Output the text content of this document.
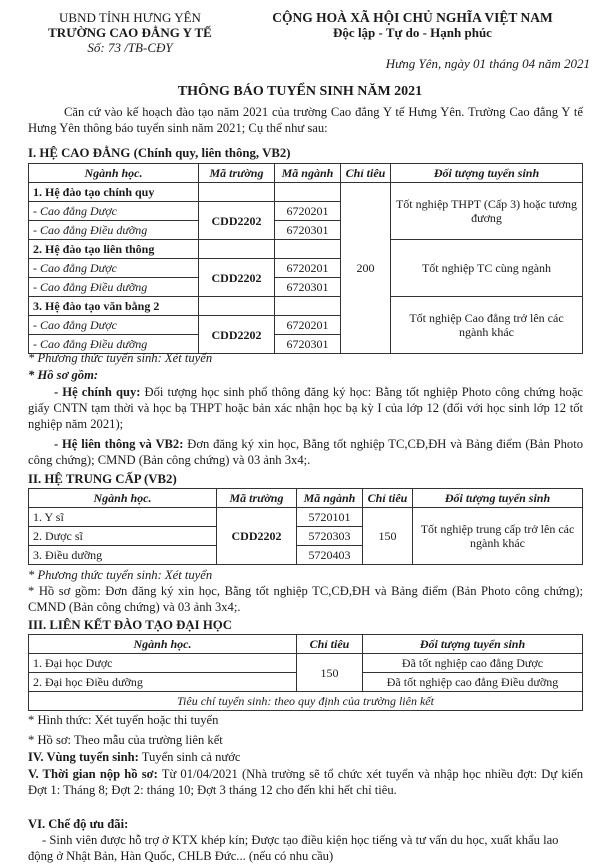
UBND TỈNH HƯNG YÊN
TRƯỜNG CAO ĐẲNG Y TẾ
Số: 73 /TB-CĐY
CỘNG HOÀ XÃ HỘI CHỦ NGHĨA VIỆT NAM
Độc lập - Tự do - Hạnh phúc
Hưng Yên, ngày 01 tháng 04 năm 2021
THÔNG BÁO TUYỂN SINH NĂM 2021
Căn cứ vào kế hoạch đào tạo năm 2021 của trường Cao đẳng Y tế Hưng Yên. Trường Cao đẳng Y tế Hưng Yên thông báo tuyển sinh năm 2021; Cụ thể như sau:
I. HỆ CAO ĐẲNG (Chính quy, liên thông, VB2)
Ngành học.	Mã trường	Mã ngành	Chỉ tiêu	Đối tượng tuyển sinh
1. Hệ đào tạo chính quy			200	Tốt nghiệp THPT (Cấp 3) hoặc tương đương
- Cao đẳng Dược	CDD2202	6720201		
- Cao đẳng Điều dưỡng		6720301		
2. Hệ đào tạo liên thông				Tốt nghiệp TC cùng ngành
- Cao đẳng Dược	CDD2202	6720201		
- Cao đẳng Điều dưỡng		6720301		
3. Hệ đào tạo văn bằng 2				Tốt nghiệp Cao đẳng trở lên các ngành khác
- Cao đẳng Dược	CDD2202	6720201		
- Cao đẳng Điều dưỡng		6720301		
* Phương thức tuyển sinh: Xét tuyển
* Hồ sơ gồm:
- Hệ chính quy: Đối tượng học sinh phổ thông đăng ký học: Bằng tốt nghiệp Photo công chứng hoặc giấy CNTN tạm thời và học bạ THPT hoặc bản xác nhận học bạ kỳ I của lớp 12 (đối với học sinh lớp 12 tốt nghiệp năm 2021);
- Hệ liên thông và VB2: Đơn đăng ký xin học, Bằng tốt nghiệp TC,CĐ,ĐH và Bảng điểm (Bản Photo công chứng); CMND (Bản công chứng) và 03 ảnh 3x4;.
II. HỆ TRUNG CẤP (VB2)
Ngành học.	Mã trường	Mã ngành	Chỉ tiêu	Đối tượng tuyển sinh
1. Y sĩ	CDD2202	5720101	150	Tốt nghiệp trung cấp trở lên các ngành khác
2. Dược sĩ		5720303		
3. Điều dưỡng		5720403		
* Phương thức tuyển sinh: Xét tuyển
* Hồ sơ gồm: Đơn đăng ký xin học, Bằng tốt nghiệp TC,CĐ,ĐH và Bảng điểm (Bản Photo công chứng); CMND (Bản công chứng) và 03 ảnh 3x4;.
III. LIÊN KẾT ĐÀO TẠO ĐẠI HỌC
Ngành học.	Chỉ tiêu	Đối tượng tuyển sinh
1. Đại học Dược	150	Đã tốt nghiệp cao đẳng Dược
2. Đại học Điều dưỡng		Đã tốt nghiệp cao đẳng Điều dưỡng
Tiêu chí tuyển sinh: theo quy định của trường liên kết		
* Hình thức: Xét tuyển hoặc thi tuyển
* Hồ sơ: Theo mẫu của trường liên kết
IV. Vùng tuyển sinh: Tuyển sinh cả nước
V. Thời gian nộp hồ sơ: Từ 01/04/2021 (Nhà trường sẽ tổ chức xét tuyển và nhập học nhiều đợt: Dự kiến Đợt 1: Tháng 8; Đợt 2: tháng 10; Đợt 3 tháng 12 cho đến khi hết chỉ tiêu.
VI. Chế độ ưu đãi:
- Sinh viên được hỗ trợ ở KTX khép kín; Được tạo điều kiện học tiếng và tư vấn du học, xuất khẩu lao động ở Nhật Bản, Hàn Quốc, CHLB Đức... (nếu có nhu cầu)
